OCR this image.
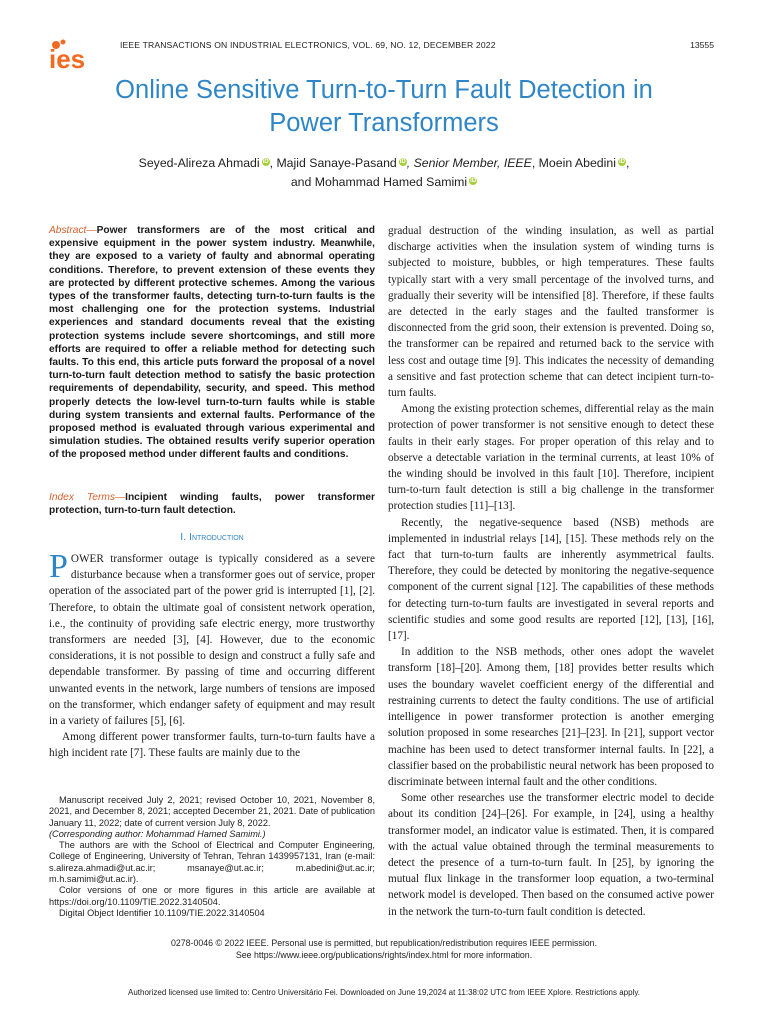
ies	IEEE TRANSACTIONS ON INDUSTRIAL ELECTRONICS, VOL. 69, NO. 12, DECEMBER 2022	13555
Online Sensitive Turn-to-Turn Fault Detection in
Power Transformers
Seyed-Alireza Ahmadi iD, Majid Sanaye-Pasand iD, Senior Member, IEEE, Moein Abedini iD,
and Mohammad Hamed Samimi iD
Abstract—Power transformers are of the most critical and expensive equipment in the power system industry. Meanwhile, they are exposed to a variety of faulty and abnormal operating conditions. Therefore, to prevent extension of these events they are protected by different protective schemes. Among the various types of the transformer faults, detecting turn-to-turn faults is the most challenging one for the protection systems. Industrial experiences and standard documents reveal that the existing protection systems include severe shortcomings, and still more efforts are required to offer a reliable method for detecting such faults. To this end, this article puts forward the proposal of a novel turn-to-turn fault detection method to satisfy the basic protection requirements of dependability, security, and speed. This method properly detects the low-level turn-to-turn faults while is stable during system transients and external faults. Performance of the proposed method is evaluated through various experimental and simulation studies. The obtained results verify superior operation of the proposed method under different faults and conditions.
Index Terms—Incipient winding faults, power transformer protection, turn-to-turn fault detection.
I. Introduction

POWER transformer outage is typically considered as a severe disturbance because when a transformer goes out of service, proper operation of the associated part of the power grid is interrupted [1], [2]. Therefore, to obtain the ultimate goal of consistent network operation, i.e., the continuity of providing safe electric energy, more trustworthy transformers are needed [3], [4]. However, due to the economic considerations, it is not possible to design and construct a fully safe and dependable transformer. By passing of time and occurring different unwanted events in the network, large numbers of tensions are imposed on the transformer, which endanger safety of equipment and may result in a variety of failures [5], [6].

Among different power transformer faults, turn-to-turn faults have a high incident rate [7]. These faults are mainly due to the

gradual destruction of the winding insulation, as well as partial discharge activities when the insulation system of winding turns is subjected to moisture, bubbles, or high temperatures. These faults typically start with a very small percentage of the involved turns, and gradually their severity will be intensified [8]. Therefore, if these faults are detected in the early stages and the faulted transformer is disconnected from the grid soon, their extension is prevented. Doing so, the transformer can be repaired and returned back to the service with less cost and outage time [9]. This indicates the necessity of demanding a sensitive and fast protection scheme that can detect incipient turn-to-turn faults.

Among the existing protection schemes, differential relay as the main protection of power transformer is not sensitive enough to detect these faults in their early stages. For proper operation of this relay and to observe a detectable variation in the terminal currents, at least 10% of the winding should be involved in this fault [10]. Therefore, incipient turn-to-turn fault detection is still a big challenge in the transformer protection studies [11]–[13].

Recently, the negative-sequence based (NSB) methods are implemented in industrial relays [14], [15]. These methods rely on the fact that turn-to-turn faults are inherently asymmetrical faults. Therefore, they could be detected by monitoring the negative-sequence component of the current signal [12]. The capabilities of these methods for detecting turn-to-turn faults are investigated in several reports and scientific studies and some good results are reported [12], [13], [16], [17].

In addition to the NSB methods, other ones adopt the wavelet transform [18]–[20]. Among them, [18] provides better results which uses the boundary wavelet coefficient energy of the differential and restraining currents to detect the faulty conditions. The use of artificial intelligence in power transformer protection is another emerging solution proposed in some researches [21]–[23]. In [21], support vector machine has been used to detect transformer internal faults. In [22], a classifier based on the probabilistic neural network has been proposed to discriminate between internal fault and the other conditions.

Some other researches use the transformer electric model to decide about its condition [24]–[26]. For example, in [24], using a healthy transformer model, an indicator value is estimated. Then, it is compared with the actual value obtained through the terminal measurements to detect the presence of a turn-to-turn fault. In [25], by ignoring the mutual flux linkage in the transformer loop equation, a two-terminal network model is developed. Then based on the consumed active power in the network the turn-to-turn fault condition is detected.

Manuscript received July 2, 2021; revised October 10, 2021, November 8, 2021, and December 8, 2021; accepted December 21, 2021. Date of publication January 11, 2022; date of current version July 8, 2022.

(Corresponding author: Mohammad Hamed Samimi.)

The authors are with the School of Electrical and Computer Engineering, College of Engineering, University of Tehran, Tehran 1439957131, Iran (e-mail: s.alireza.ahmadi@ut.ac.ir; msanaye@ut.ac.ir; m.abedini@ut.ac.ir; m.h.samimi@ut.ac.ir).

Color versions of one or more figures in this article are available at https://doi.org/10.1109/TIE.2022.3140504.

Digital Object Identifier 10.1109/TIE.2022.3140504

0278-0046 © 2022 IEEE. Personal use is permitted, but republication/redistribution requires IEEE permission.
See https://www.ieee.org/publications/rights/index.html for more information.
Authorized licensed use limited to: Centro Universitário Fei. Downloaded on June 19,2024 at 11:38:02 UTC from IEEE Xplore. Restrictions apply.
